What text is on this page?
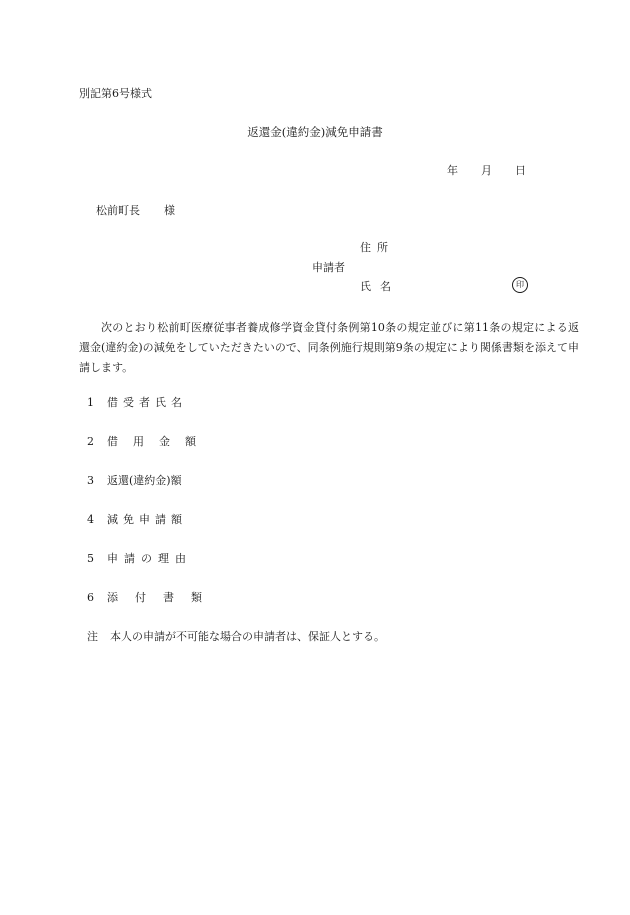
別記第6号様式
返還金(違約金)減免申請書
年 月 日
松前町長 様
住所
申請者
氏名	印
次のとおり松前町医療従事者養成修学資金貸付条例第10条の規定並びに第11条の規定による返還金(違約金)の減免をしていただきたいので、同条例施行規則第9条の規定により関係書類を添えて申請します。
1 借受者氏名
2 借用金額
3 返還(違約金)額
4 減免申請額
5 申請の理由
6 添付書類
注 本人の申請が不可能な場合の申請者は、保証人とする。
